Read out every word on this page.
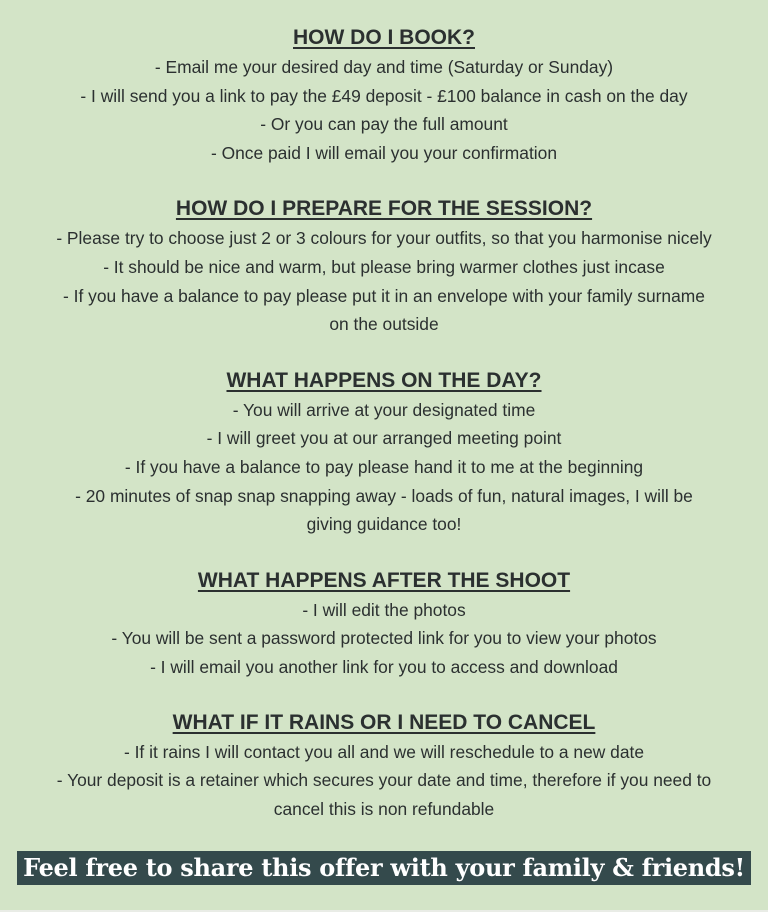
HOW DO I BOOK?
- Email me your desired day and time (Saturday or Sunday)
- I will send you a link to pay the £49 deposit - £100 balance in cash on the day
- Or you can pay the full amount
- Once paid I will email you your confirmation
HOW DO I PREPARE FOR THE SESSION?
- Please try to choose just 2 or 3 colours for your outfits, so that you harmonise nicely
- It should be nice and warm, but please bring warmer clothes just incase
- If you have a balance to pay please put it in an envelope with your family surname
on the outside
WHAT HAPPENS ON THE DAY?
- You will arrive at your designated time
- I will greet you at our arranged meeting point
- If you have a balance to pay please hand it to me at the beginning
- 20 minutes of snap snap snapping away - loads of fun, natural images, I will be
giving guidance too!
WHAT HAPPENS AFTER THE SHOOT
- I will edit the photos
- You will be sent a password protected link for you to view your photos
- I will email you another link for you to access and download
WHAT IF IT RAINS OR I NEED TO CANCEL
- If it rains I will contact you all and we will reschedule to a new date
- Your deposit is a retainer which secures your date and time, therefore if you need to
cancel this is non refundable
Feel free to share this offer with your family & friends!
